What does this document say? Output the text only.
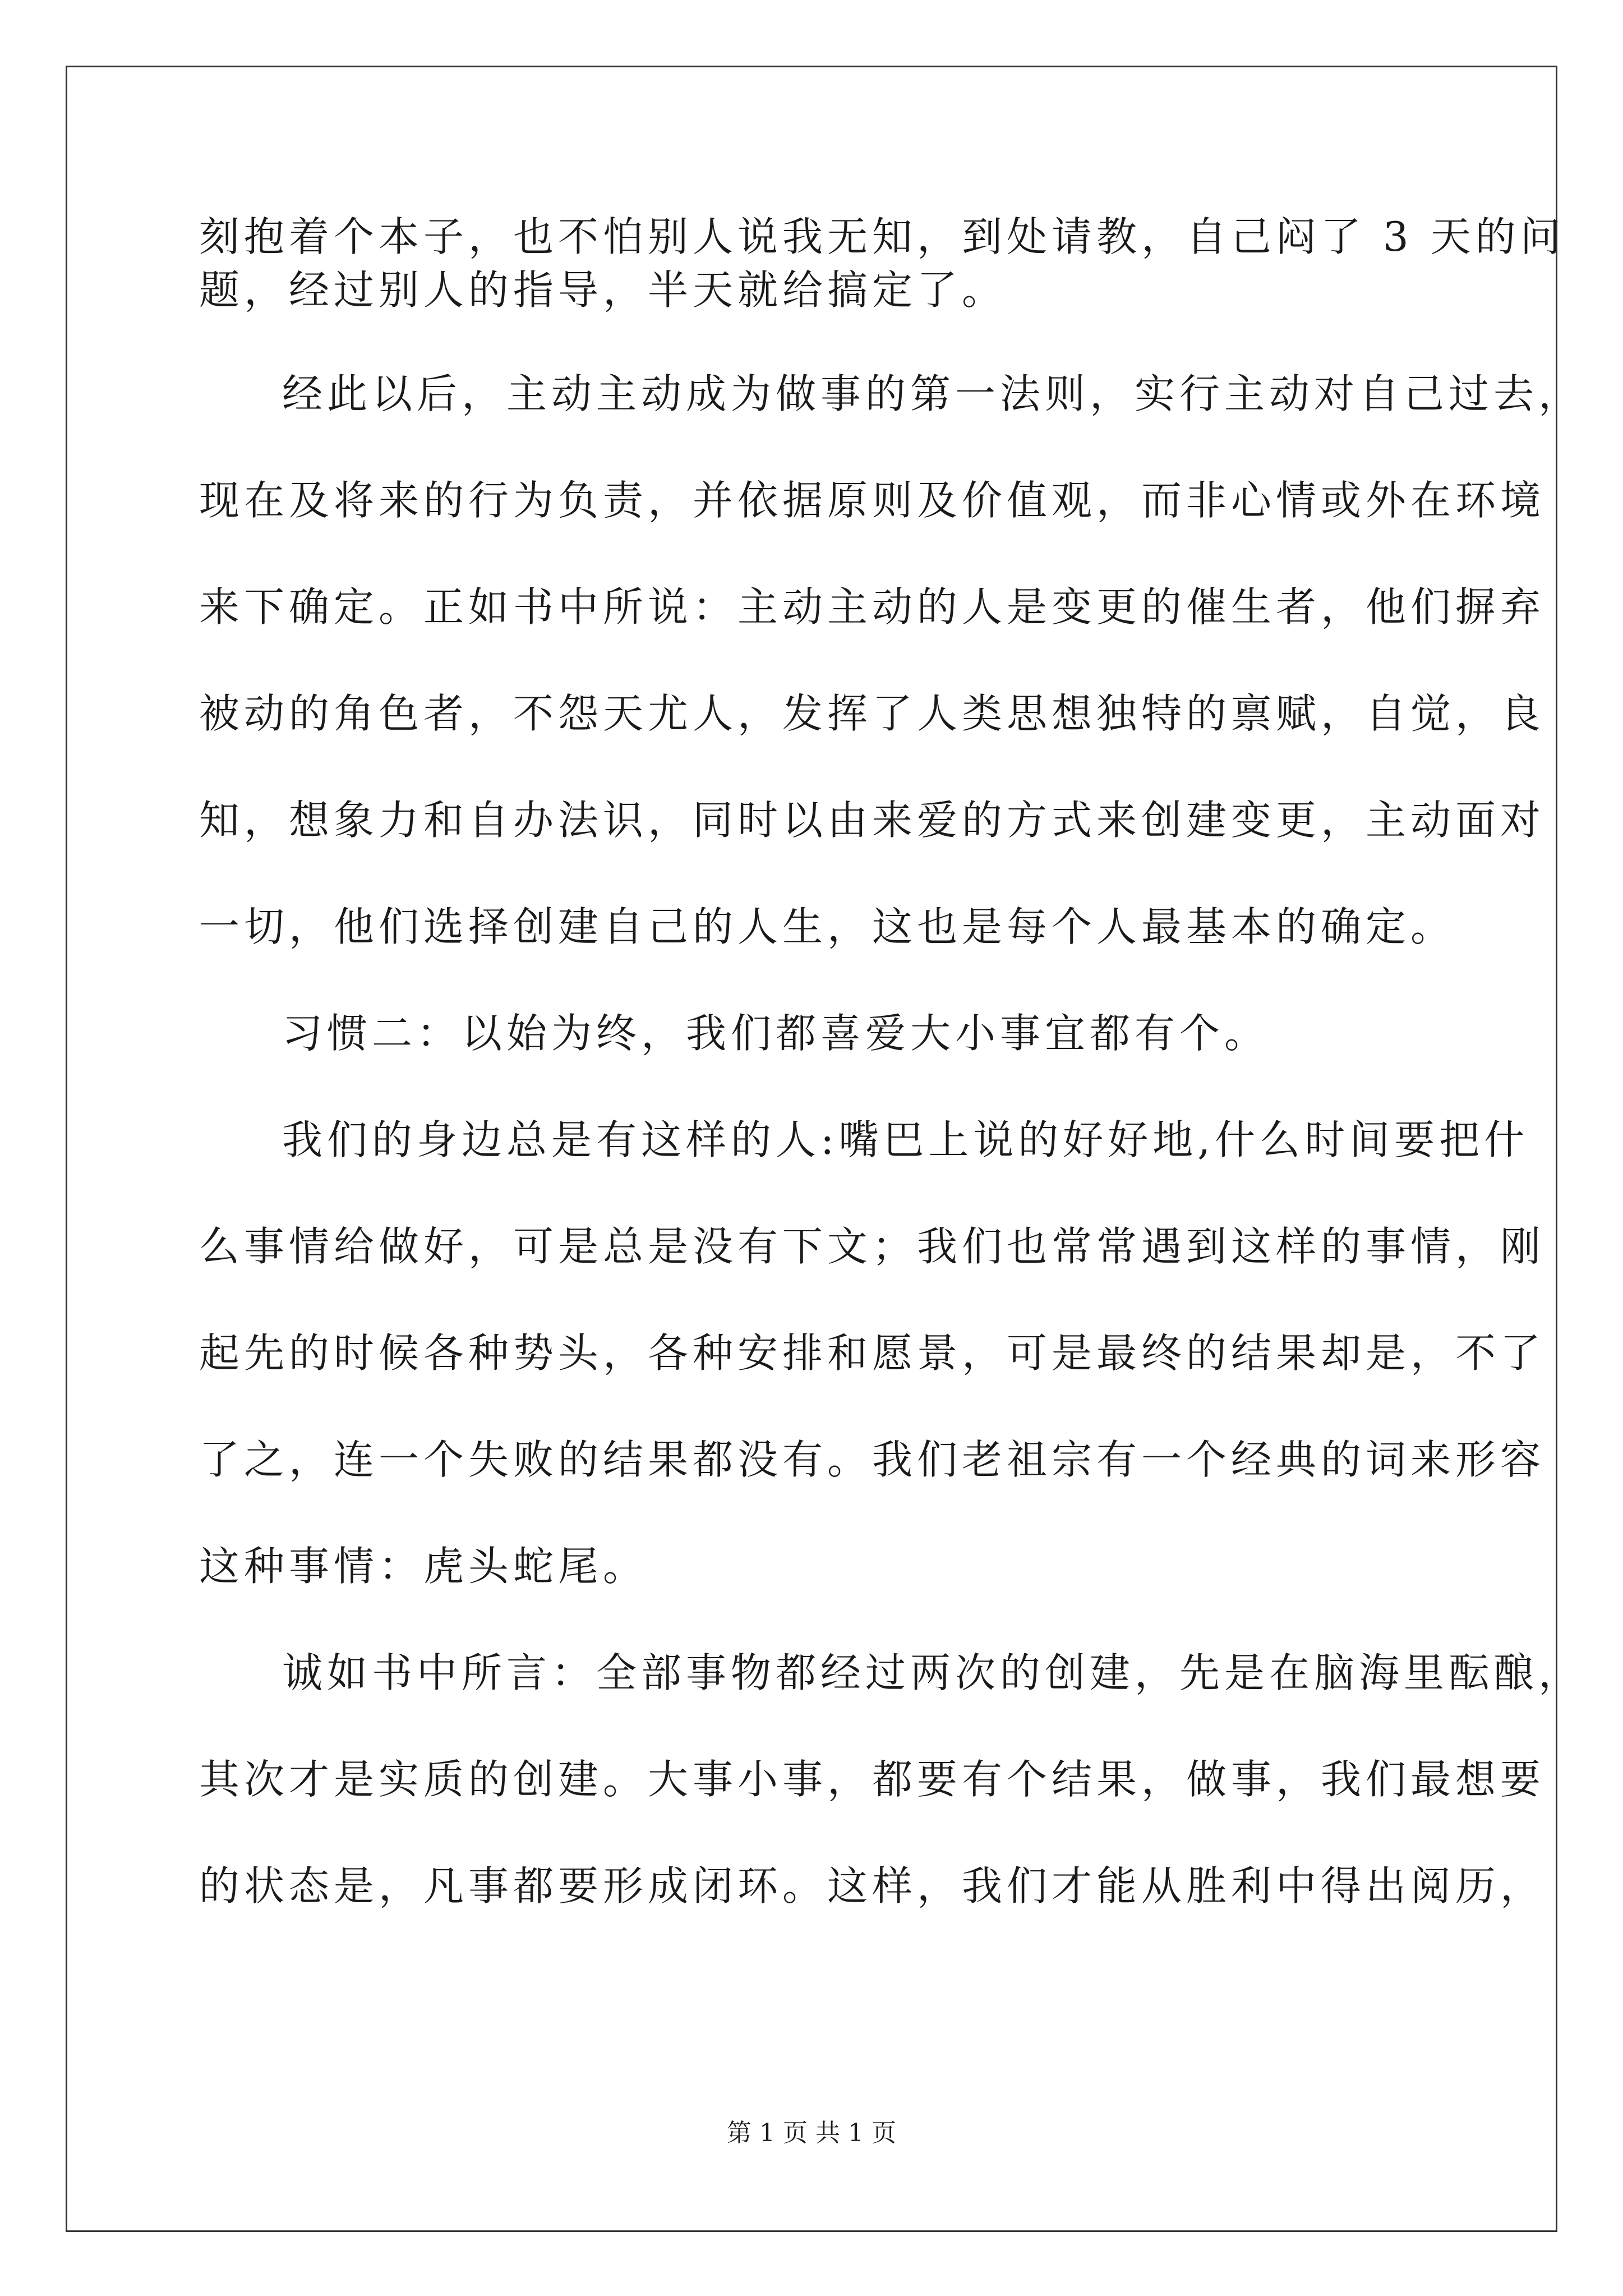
刻抱着个本子，也不怕别人说我无知，到处请教，自己闷了 3 天的问
题，经过别人的指导，半天就给搞定了。
经此以后，主动主动成为做事的第一法则，实行主动对自己过去，
现在及将来的行为负责，并依据原则及价值观，而非心情或外在环境
来下确定。正如书中所说：主动主动的人是变更的催生者，他们摒弃
被动的角色者，不怨天尤人，发挥了人类思想独特的禀赋，自觉，良
知，想象力和自办法识，同时以由来爱的方式来创建变更，主动面对
一切，他们选择创建自己的人生，这也是每个人最基本的确定。
习惯二：以始为终，我们都喜爱大小事宜都有个。
我们的身边总是有这样的人:嘴巴上说的好好地,什么时间要把什
么事情给做好，可是总是没有下文；我们也常常遇到这样的事情，刚
起先的时候各种势头，各种安排和愿景，可是最终的结果却是，不了
了之，连一个失败的结果都没有。我们老祖宗有一个经典的词来形容
这种事情：虎头蛇尾。
诚如书中所言：全部事物都经过两次的创建，先是在脑海里酝酿，
其次才是实质的创建。大事小事，都要有个结果，做事，我们最想要
的状态是，凡事都要形成闭环。这样，我们才能从胜利中得出阅历，
第 1 页 共 1 页
